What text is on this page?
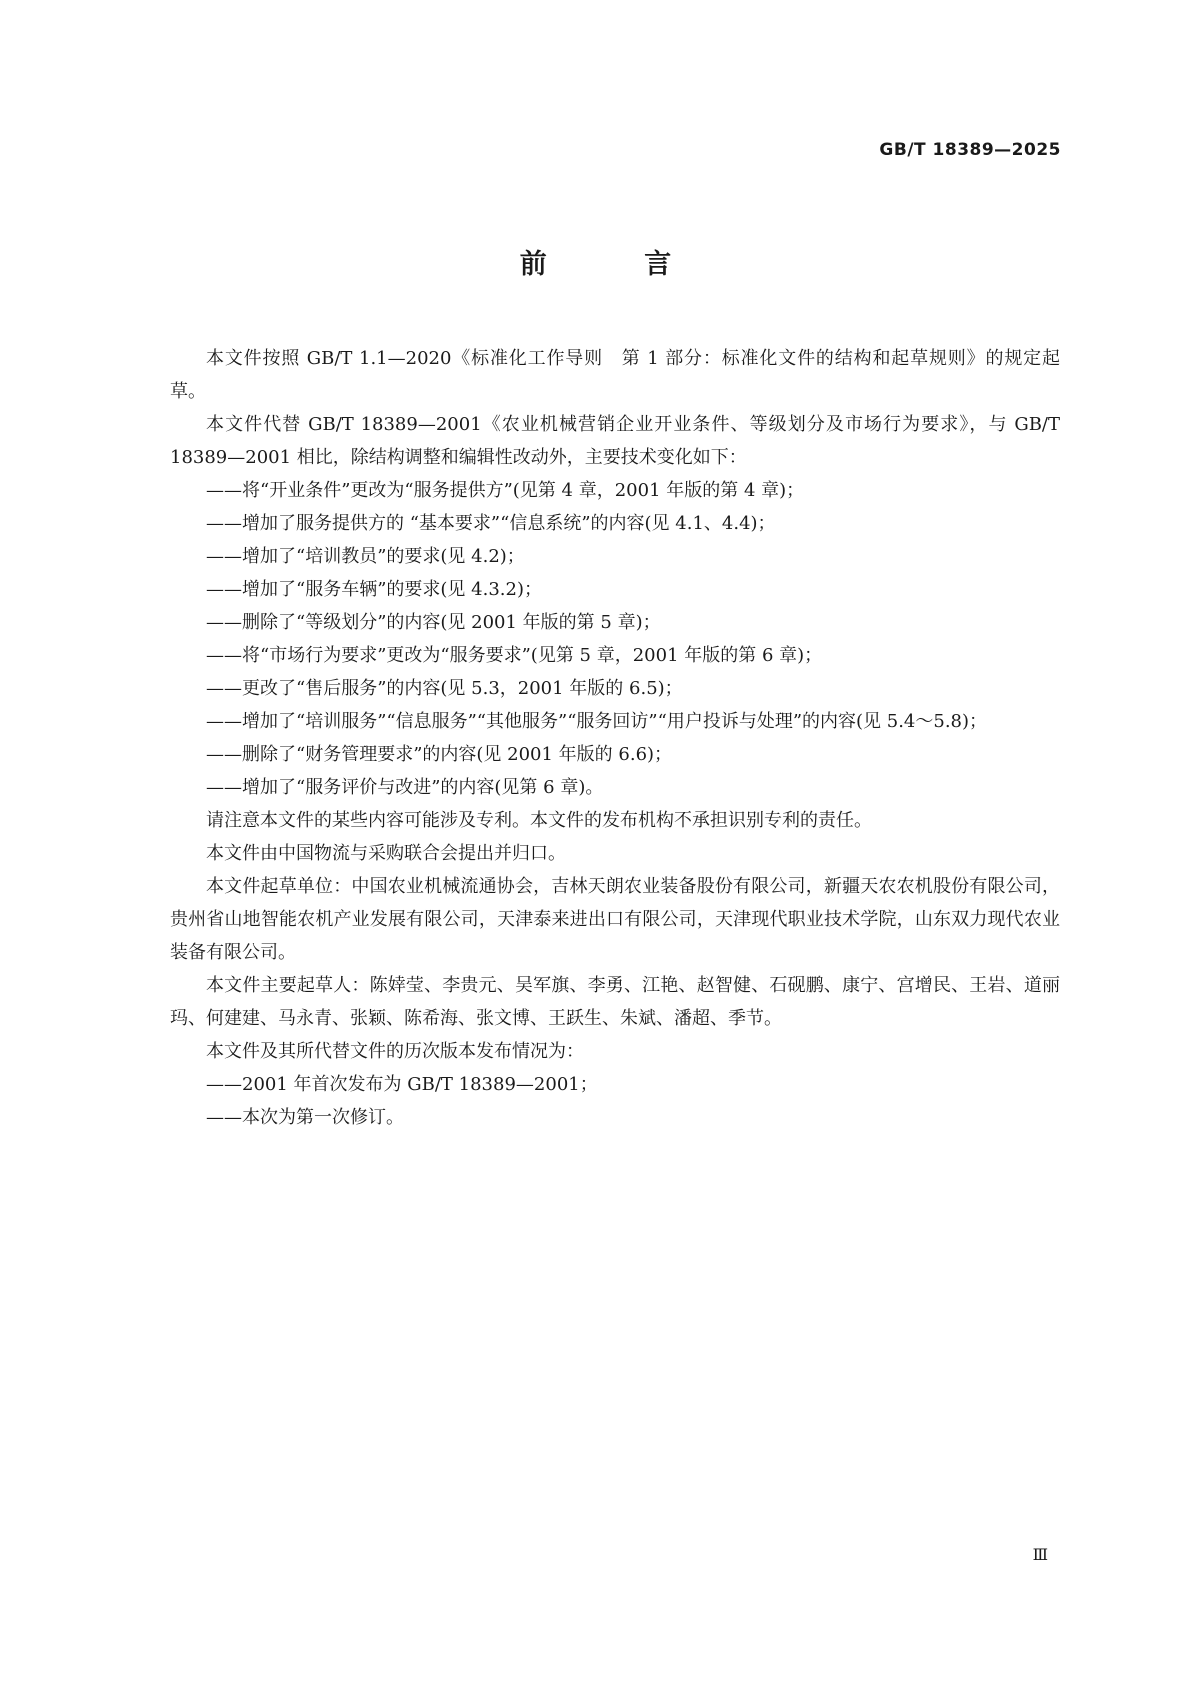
GB/T 18389—2025
前 言

本文件按照 GB/T 1.1—2020《标准化工作导则　第 1 部分：标准化文件的结构和起草规则》的规定起草。

本文件代替 GB/T 18389—2001《农业机械营销企业开业条件、等级划分及市场行为要求》，与 GB/T 18389—2001 相比，除结构调整和编辑性改动外，主要技术变化如下：

——将“开业条件”更改为“服务提供方”(见第 4 章，2001 年版的第 4 章)；

——增加了服务提供方的 “基本要求”“信息系统”的内容(见 4.1、4.4)；

——增加了“培训教员”的要求(见 4.2)；

——增加了“服务车辆”的要求(见 4.3.2)；

——删除了“等级划分”的内容(见 2001 年版的第 5 章)；

——将“市场行为要求”更改为“服务要求”(见第 5 章，2001 年版的第 6 章)；

——更改了“售后服务”的内容(见 5.3，2001 年版的 6.5)；

——增加了“培训服务”“信息服务”“其他服务”“服务回访”“用户投诉与处理”的内容(见 5.4～5.8)；

——删除了“财务管理要求”的内容(见 2001 年版的 6.6)；

——增加了“服务评价与改进”的内容(见第 6 章)。

请注意本文件的某些内容可能涉及专利。本文件的发布机构不承担识别专利的责任。

本文件由中国物流与采购联合会提出并归口。

本文件起草单位：中国农业机械流通协会，吉林天朗农业装备股份有限公司，新疆天农农机股份有限公司，贵州省山地智能农机产业发展有限公司，天津泰来进出口有限公司，天津现代职业技术学院，山东双力现代农业装备有限公司。

本文件主要起草人：陈婞莹、李贵元、吴军旗、李勇、江艳、赵智健、石砚鹏、康宁、宫增民、王岩、道丽玛、何建建、马永青、张颖、陈希海、张文博、王跃生、朱斌、潘超、季节。

本文件及其所代替文件的历次版本发布情况为：

——2001 年首次发布为 GB/T 18389—2001；

——本次为第一次修订。

Ⅲ
